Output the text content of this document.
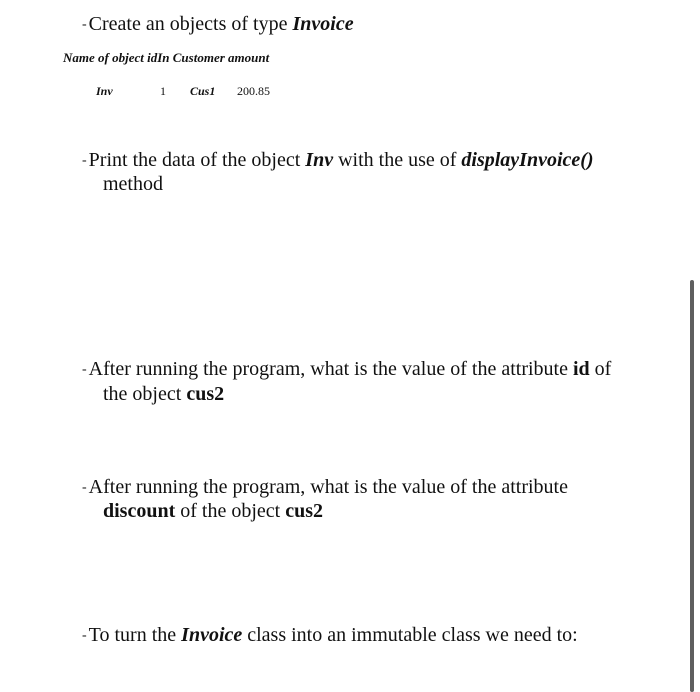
- Create an objects of type Invoice
Name of object idIn Customer amount
Inv	1 Cus1 200.85
- Print the data of the object Inv with the use of displayInvoice()
method
- After running the program, what is the value of the attribute id of
the object cus2
- After running the program, what is the value of the attribute
discount of the object cus2
- To turn the Invoice class into an immutable class we need to:
